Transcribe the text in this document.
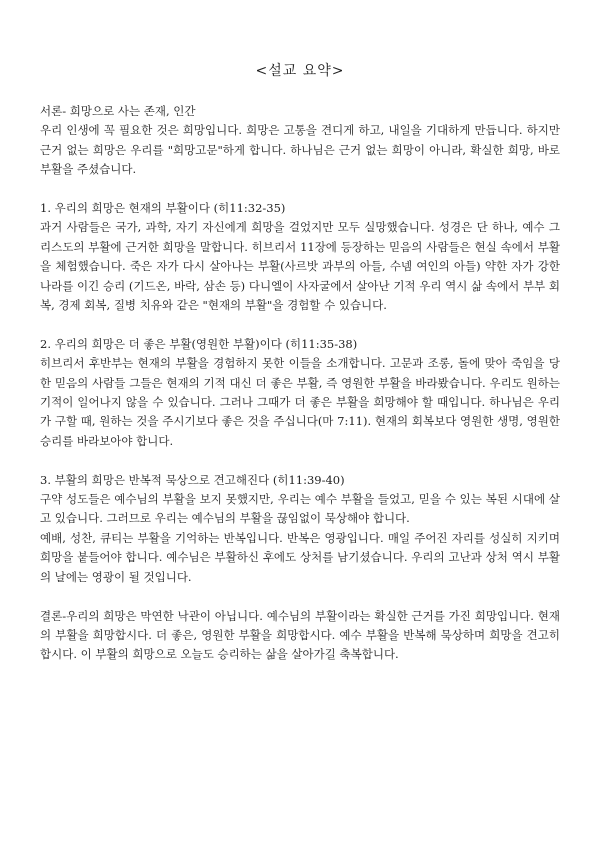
<설교 요약>

서론- 희망으로 사는 존재, 인간

우리 인생에 꼭 필요한 것은 희망입니다. 희망은 고통을 견디게 하고, 내일을 기대하게 만듭니다. 하지만 근거 없는 희망은 우리를 "희망고문"하게 합니다. 하나님은 근거 없는 희망이 아니라, 확실한 희망, 바로 부활을 주셨습니다.

1. 우리의 희망은 현재의 부활이다 (히11:32-35)

과거 사람들은 국가, 과학, 자기 자신에게 희망을 걸었지만 모두 실망했습니다. 성경은 단 하나, 예수 그리스도의 부활에 근거한 희망을 말합니다. 히브리서 11장에 등장하는 믿음의 사람들은 현실 속에서 부활을 체험했습니다. 죽은 자가 다시 살아나는 부활(사르밧 과부의 아들, 수넴 여인의 아들) 약한 자가 강한 나라를 이긴 승리 (기드온, 바락, 삼손 등) 다니엘이 사자굴에서 살아난 기적 우리 역시 삶 속에서 부부 회복, 경제 회복, 질병 치유와 같은 "현재의 부활"을 경험할 수 있습니다.

2. 우리의 희망은 더 좋은 부활(영원한 부활)이다 (히11:35-38)

히브리서 후반부는 현재의 부활을 경험하지 못한 이들을 소개합니다. 고문과 조롱, 돌에 맞아 죽임을 당한 믿음의 사람들 그들은 현재의 기적 대신 더 좋은 부활, 즉 영원한 부활을 바라봤습니다. 우리도 원하는 기적이 일어나지 않을 수 있습니다. 그러나 그때가 더 좋은 부활을 희망해야 할 때입니다. 하나님은 우리가 구할 때, 원하는 것을 주시기보다 좋은 것을 주십니다(마 7:11). 현재의 회복보다 영원한 생명, 영원한 승리를 바라보아야 합니다.

3. 부활의 희망은 반복적 묵상으로 견고해진다 (히11:39-40)

구약 성도들은 예수님의 부활을 보지 못했지만, 우리는 예수 부활을 들었고, 믿을 수 있는 복된 시대에 살고 있습니다. 그러므로 우리는 예수님의 부활을 끊임없이 묵상해야 합니다.

예배, 성찬, 큐티는 부활을 기억하는 반복입니다. 반복은 영광입니다. 매일 주어진 자리를 성실히 지키며 희망을 붙들어야 합니다. 예수님은 부활하신 후에도 상처를 남기셨습니다. 우리의 고난과 상처 역시 부활의 날에는 영광이 될 것입니다.

결론-우리의 희망은 막연한 낙관이 아닙니다. 예수님의 부활이라는 확실한 근거를 가진 희망입니다. 현재의 부활을 희망합시다. 더 좋은, 영원한 부활을 희망합시다. 예수 부활을 반복해 묵상하며 희망을 견고히 합시다. 이 부활의 희망으로 오늘도 승리하는 삶을 살아가길 축복합니다.
